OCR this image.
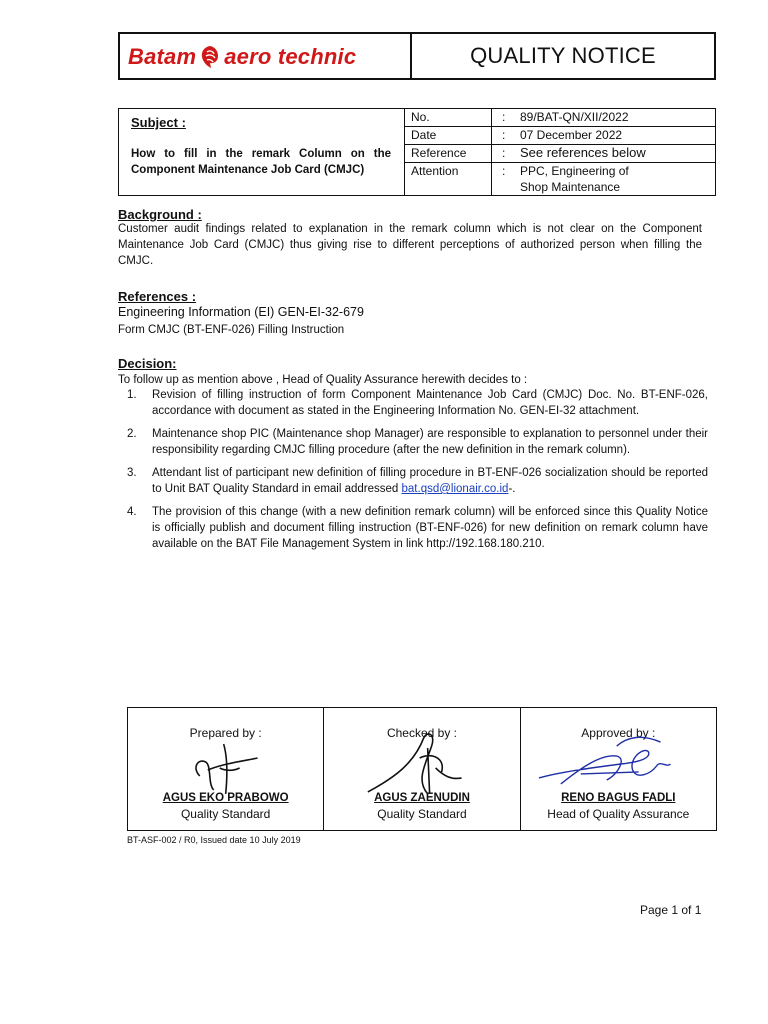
Batam aero technic	QUALITY NOTICE
Subject :
How to fill in the remark Column on the Component Maintenance Job Card (CMJC)
No.	:	89/BAT-QN/XII/2022
Date	:	07 December 2022
Reference	:	See references below
Attention	:	PPC, Engineering of Shop Maintenance
Background :
Customer audit findings related to explanation in the remark column which is not clear on the Component Maintenance Job Card (CMJC) thus giving rise to different perceptions of authorized person when filling the CMJC.
References :
Engineering Information (EI) GEN-EI-32-679
Form CMJC (BT-ENF-026) Filling Instruction
Decision:
To follow up as mention above , Head of Quality Assurance herewith decides to :
1. Revision of filling instruction of form Component Maintenance Job Card (CMJC) Doc. No. BT-ENF-026, accordance with document as stated in the Engineering Information No. GEN-EI-32 attachment.
2. Maintenance shop PIC (Maintenance shop Manager) are responsible to explanation to personnel under their responsibility regarding CMJC filling procedure (after the new definition in the remark column).
3. Attendant list of participant new definition of filling procedure in BT-ENF-026 socialization should be reported to Unit BAT Quality Standard in email addressed bat.qsd@lionair.co.id-.
4. The provision of this change (with a new definition remark column) will be enforced since this Quality Notice is officially publish and document filling instruction (BT-ENF-026) for new definition on remark column have available on the BAT File Management System in link http://192.168.180.210.
Prepared by :
AGUS EKO PRABOWO
Quality Standard
Checked by :
AGUS ZAENUDIN
Quality Standard
Approved by :
RENO BAGUS FADLI
Head of Quality Assurance
BT-ASF-002 / R0, Issued date 10 July 2019
Page 1 of 1
